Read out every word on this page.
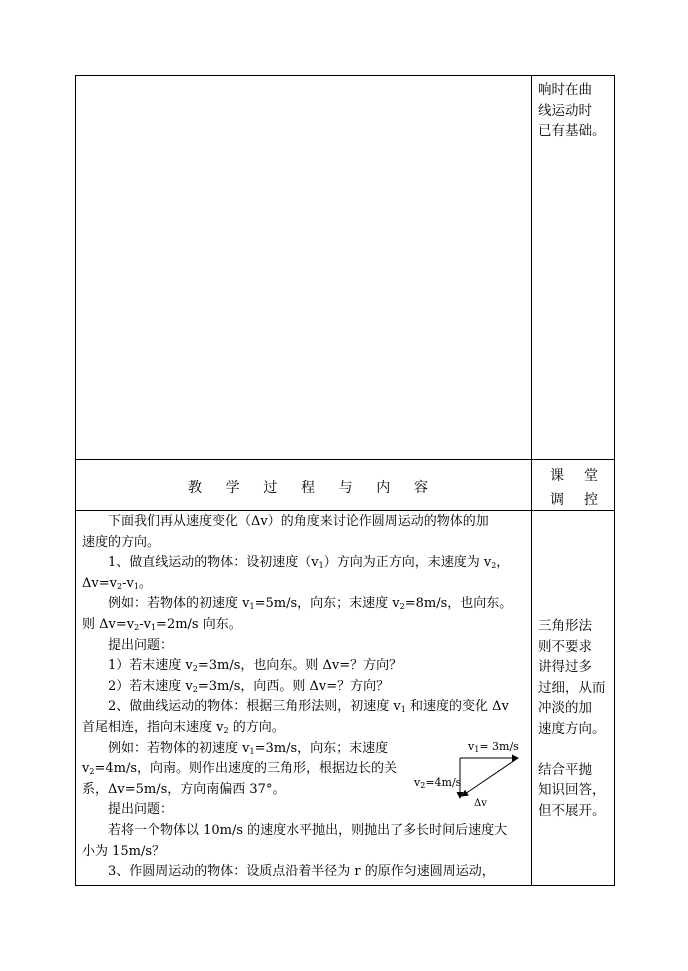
响时在曲

线运动时

已有基础。

教 学 过 程 与 内 容
课 堂
调 控

下面我们再从速度变化（Δv）的角度来讨论作圆周运动的物体的加

速度的方向。

1、做直线运动的物体：设初速度$(v_1)$方向为正方向，末速度为 $v_2$，

$\Delta v=v_2-v_1$。

例如：若物体的初速度 $v_1=5m/s$，向东；末速度 $v_2=8m/s$，也向东。

则 $\Delta v=v_2-v_1=2m/s$ 向东。

提出问题：

1）若末速度 $v_2=3m/s$，也向东。则 Δv=？方向？

2）若末速度 $v_2=3m/s$，向西。则 Δv=？方向？

2、做曲线运动的物体：根据三角形法则，初速度 $v_1$ 和速度的变化 Δv

首尾相连，指向末速度 $v_2$ 的方向。

例如：若物体的初速度 $v_1=3m/s$，向东；末速度

$v_2=4m/s$，向南。则作出速度的三角形，根据边长的关

系，Δv=5m/s，方向南偏西 37°。

提出问题：

若将一个物体以 10m/s 的速度水平抛出，则抛出了多长时间后速度大

小为 15m/s？

3、作圆周运动的物体：设质点沿着半径为 r 的原作匀速圆周运动，

$v_1= 3m/s$
$v_2=4m/s$
Δv

三角形法

则不要求

讲得过多

过细，从而

冲淡的加

速度方向。

结合平抛

知识回答，

但不展开。
